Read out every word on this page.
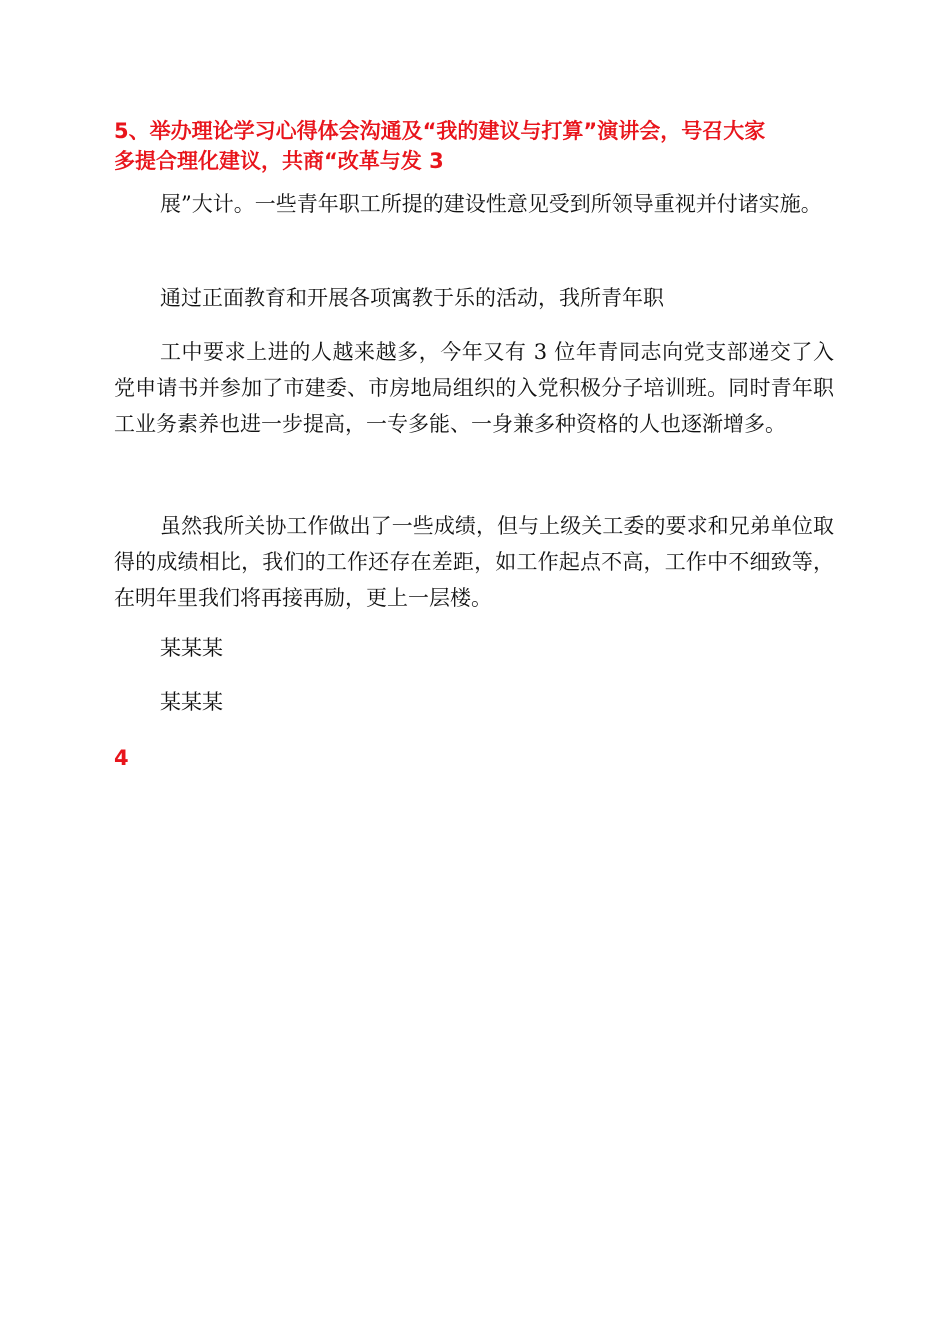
5、举办理论学习心得体会沟通及“我的建议与打算”演讲会，号召大家
多提合理化建议，共商“改革与发 3
展”大计。一些青年职工所提的建设性意见受到所领导重视并付诸实施。
通过正面教育和开展各项寓教于乐的活动，我所青年职
工中要求上进的人越来越多，今年又有 3 位年青同志向党支部递交了入党申请书并参加了市建委、市房地局组织的入党积极分子培训班。同时青年职工业务素养也进一步提高，一专多能、一身兼多种资格的人也逐渐增多。
虽然我所关协工作做出了一些成绩，但与上级关工委的要求和兄弟单位取得的成绩相比，我们的工作还存在差距，如工作起点不高，工作中不细致等，在明年里我们将再接再励，更上一层楼。
某某某
某某某
4
